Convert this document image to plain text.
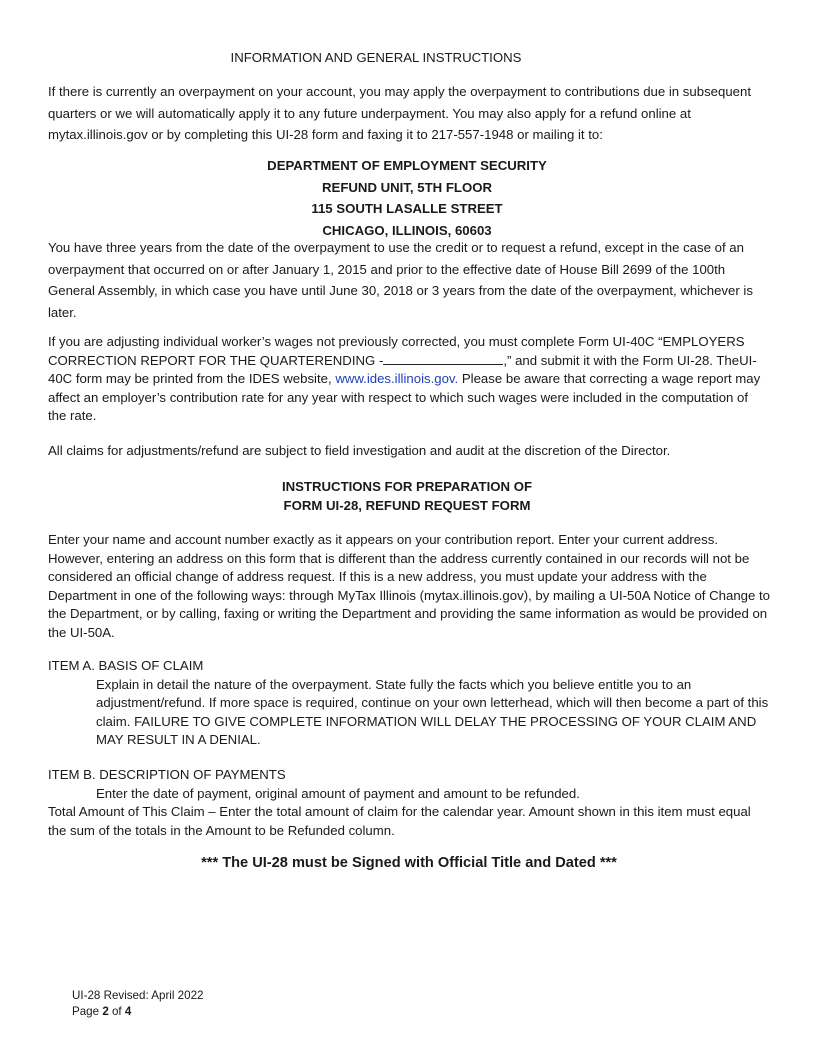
INFORMATION AND GENERAL INSTRUCTIONS

If there is currently an overpayment on your account, you may apply the overpayment to contributions due in subsequent quarters or we will automatically apply it to any future underpayment. You may also apply for a refund online at mytax.illinois.gov or by completing this UI-28 form and faxing it to 217-557-1948 or mailing it to:

DEPARTMENT OF EMPLOYMENT SECURITY
REFUND UNIT, 5TH FLOOR
115 SOUTH LASALLE STREET
CHICAGO, ILLINOIS, 60603

You have three years from the date of the overpayment to use the credit or to request a refund, except in the case of an overpayment that occurred on or after January 1, 2015 and prior to the effective date of House Bill 2699 of the 100th General Assembly, in which case you have until June 30, 2018 or 3 years from the date of the overpayment, whichever is later.

If you are adjusting individual worker’s wages not previously corrected, you must complete Form UI-40C “EMPLOYERS CORRECTION REPORT FOR THE QUARTERENDING -	,” and submit it with the Form UI-28. TheUI-40C form may be printed from the IDES website, www.ides.illinois.gov. Please be aware that correcting a wage report may affect an employer’s contribution rate for any year with respect to which such wages were included in the computation of the rate.

All claims for adjustments/refund are subject to field investigation and audit at the discretion of the Director.

INSTRUCTIONS FOR PREPARATION OF
FORM UI-28, REFUND REQUEST FORM

Enter your name and account number exactly as it appears on your contribution report. Enter your current address. However, entering an address on this form that is different than the address currently contained in our records will not be considered an official change of address request. If this is a new address, you must update your address with the Department in one of the following ways: through MyTax Illinois (mytax.illinois.gov), by mailing a UI-50A Notice of Change to the Department, or by calling, faxing or writing the Department and providing the same information as would be provided on the UI-50A.

ITEM A. BASIS OF CLAIM
Explain in detail the nature of the overpayment. State fully the facts which you believe entitle you to an adjustment/refund. If more space is required, continue on your own letterhead, which will then become a part of this claim. FAILURE TO GIVE COMPLETE INFORMATION WILL DELAY THE PROCESSING OF YOUR CLAIM AND MAY RESULT IN A DENIAL.
ITEM B. DESCRIPTION OF PAYMENTS
Enter the date of payment, original amount of payment and amount to be refunded.
Total Amount of This Claim – Enter the total amount of claim for the calendar year. Amount shown in this item must equal the sum of the totals in the Amount to be Refunded column.
*** The UI-28 must be Signed with Official Title and Dated ***
UI-28 Revised: April 2022
Page 2 of 4
